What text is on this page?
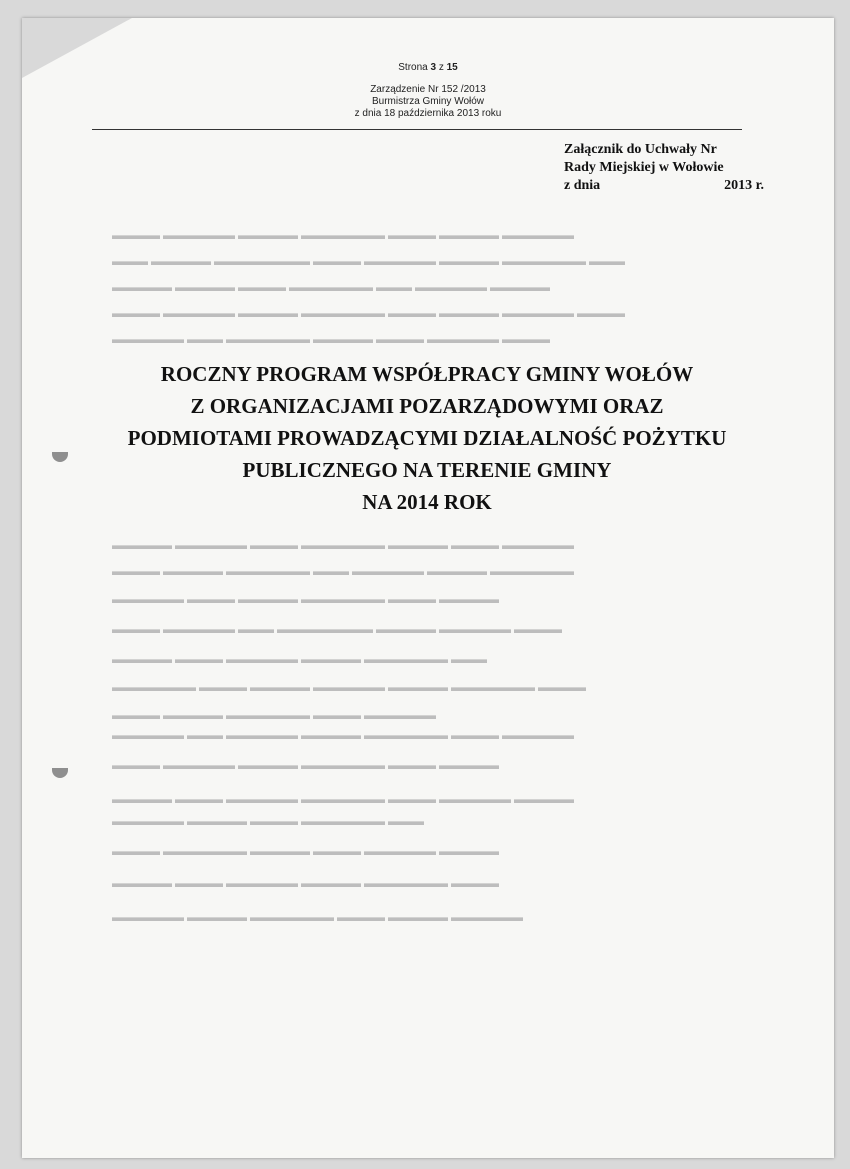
Strona 3 z 15
Zarządzenie Nr 152 /2013
Burmistrza Gminy Wołów
z dnia 18 października 2013 roku
Załącznik do Uchwały Nr
Rady Miejskiej w Wołowie
z dnia	2013 r.
▬▬▬▬ ▬▬▬▬▬▬ ▬▬▬▬▬ ▬▬▬▬▬▬▬ ▬▬▬▬ ▬▬▬▬▬ ▬▬▬▬▬▬
▬▬▬ ▬▬▬▬▬ ▬▬▬▬▬▬▬▬ ▬▬▬▬ ▬▬▬▬▬▬ ▬▬▬▬▬ ▬▬▬▬▬▬▬ ▬▬▬
▬▬▬▬▬ ▬▬▬▬▬ ▬▬▬▬ ▬▬▬▬▬▬▬ ▬▬▬ ▬▬▬▬▬▬ ▬▬▬▬▬
▬▬▬▬ ▬▬▬▬▬▬ ▬▬▬▬▬ ▬▬▬▬▬▬▬ ▬▬▬▬ ▬▬▬▬▬ ▬▬▬▬▬▬ ▬▬▬▬
▬▬▬▬▬▬ ▬▬▬ ▬▬▬▬▬▬▬ ▬▬▬▬▬ ▬▬▬▬ ▬▬▬▬▬▬ ▬▬▬▬
▬▬▬▬▬ ▬▬▬▬▬▬ ▬▬▬▬ ▬▬▬▬▬▬▬ ▬▬▬▬▬ ▬▬▬▬ ▬▬▬▬▬▬
▬▬▬▬ ▬▬▬▬▬ ▬▬▬▬▬▬▬ ▬▬▬ ▬▬▬▬▬▬ ▬▬▬▬▬ ▬▬▬▬▬▬▬
▬▬▬▬▬▬ ▬▬▬▬ ▬▬▬▬▬ ▬▬▬▬▬▬▬ ▬▬▬▬ ▬▬▬▬▬
▬▬▬▬ ▬▬▬▬▬▬ ▬▬▬ ▬▬▬▬▬▬▬▬ ▬▬▬▬▬ ▬▬▬▬▬▬ ▬▬▬▬
▬▬▬▬▬ ▬▬▬▬ ▬▬▬▬▬▬ ▬▬▬▬▬ ▬▬▬▬▬▬▬ ▬▬▬
▬▬▬▬▬▬▬ ▬▬▬▬ ▬▬▬▬▬ ▬▬▬▬▬▬ ▬▬▬▬▬ ▬▬▬▬▬▬▬ ▬▬▬▬
▬▬▬▬ ▬▬▬▬▬ ▬▬▬▬▬▬▬ ▬▬▬▬ ▬▬▬▬▬▬
▬▬▬▬▬▬ ▬▬▬ ▬▬▬▬▬▬ ▬▬▬▬▬ ▬▬▬▬▬▬▬ ▬▬▬▬ ▬▬▬▬▬▬
▬▬▬▬ ▬▬▬▬▬▬ ▬▬▬▬▬ ▬▬▬▬▬▬▬ ▬▬▬▬ ▬▬▬▬▬
▬▬▬▬▬ ▬▬▬▬ ▬▬▬▬▬▬ ▬▬▬▬▬▬▬ ▬▬▬▬ ▬▬▬▬▬▬ ▬▬▬▬▬
▬▬▬▬▬▬ ▬▬▬▬▬ ▬▬▬▬ ▬▬▬▬▬▬▬ ▬▬▬
▬▬▬▬ ▬▬▬▬▬▬▬ ▬▬▬▬▬ ▬▬▬▬ ▬▬▬▬▬▬ ▬▬▬▬▬
▬▬▬▬▬ ▬▬▬▬ ▬▬▬▬▬▬ ▬▬▬▬▬ ▬▬▬▬▬▬▬ ▬▬▬▬
▬▬▬▬▬▬ ▬▬▬▬▬ ▬▬▬▬▬▬▬ ▬▬▬▬ ▬▬▬▬▬ ▬▬▬▬▬▬
ROCZNY PROGRAM WSPÓŁPRACY GMINY WOŁÓW
Z ORGANIZACJAMI POZARZĄDOWYMI ORAZ
PODMIOTAMI PROWADZĄCYMI DZIAŁALNOŚĆ POŻYTKU
PUBLICZNEGO NA TERENIE GMINY
NA 2014 ROK
